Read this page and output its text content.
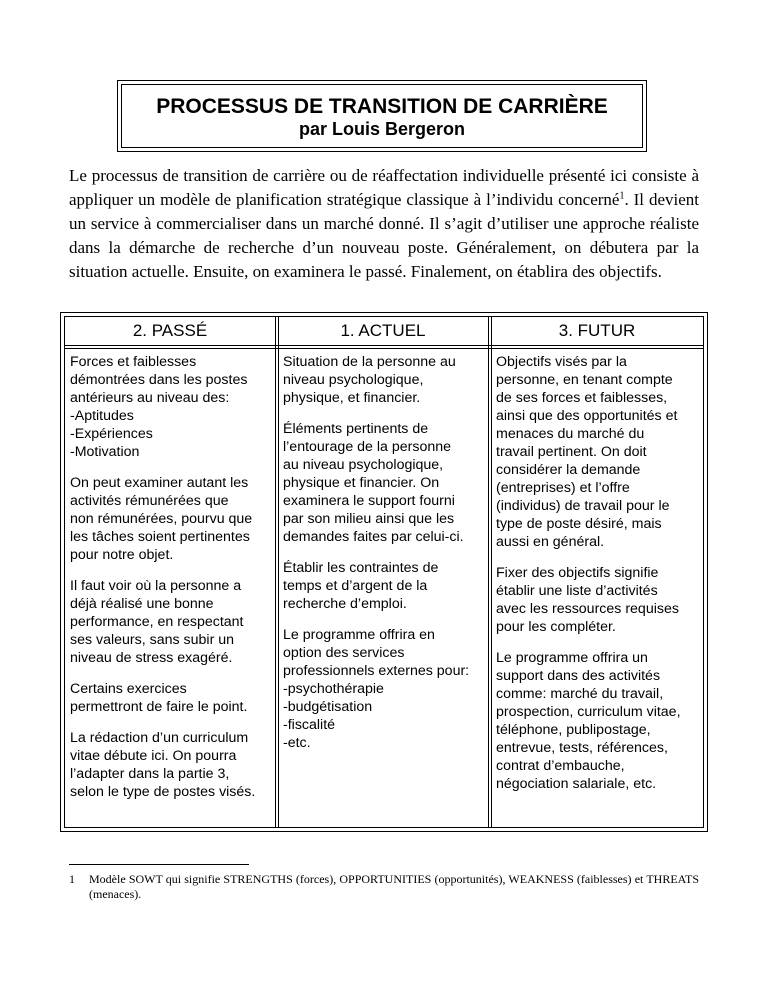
PROCESSUS DE TRANSITION DE CARRIÈRE
par Louis Bergeron

Le processus de transition de carrière ou de réaffectation individuelle présenté ici consiste à appliquer un modèle de planification stratégique classique à l’individu concerné$^1$. Il devient un service à commercialiser dans un marché donné. Il s’agit d’utiliser une approche réaliste dans la démarche de recherche d’un nouveau poste. Généralement, on débutera par la situation actuelle. Ensuite, on examinera le passé. Finalement, on établira des objectifs.

2. PASSÉ

Forces et faiblesses
démontrées dans les postes
antérieurs au niveau des:
-Aptitudes
-Expériences
-Motivation

On peut examiner autant les
activités rémunérées que
non rémunérées, pourvu que
les tâches soient pertinentes
pour notre objet.

Il faut voir où la personne a
déjà réalisé une bonne
performance, en respectant
ses valeurs, sans subir un
niveau de stress exagéré.

Certains exercices
permettront de faire le point.

La rédaction d’un curriculum
vitae débute ici. On pourra
l’adapter dans la partie 3,
selon le type de postes visés.

1. ACTUEL

Situation de la personne au
niveau psychologique,
physique, et financier.

Éléments pertinents de
l’entourage de la personne
au niveau psychologique,
physique et financier. On
examinera le support fourni
par son milieu ainsi que les
demandes faites par celui-ci.

Établir les contraintes de
temps et d’argent de la
recherche d’emploi.

Le programme offrira en
option des services
professionnels externes pour:
-psychothérapie
-budgétisation
-fiscalité
-etc.

3. FUTUR

Objectifs visés par la
personne, en tenant compte
de ses forces et faiblesses,
ainsi que des opportunités et
menaces du marché du
travail pertinent. On doit
considérer la demande
(entreprises) et l’offre
(individus) de travail pour le
type de poste désiré, mais
aussi en général.

Fixer des objectifs signifie
établir une liste d’activités
avec les ressources requises
pour les compléter.

Le programme offrira un
support dans des activités
comme: marché du travail,
prospection, curriculum vitae,
téléphone, publipostage,
entrevue, tests, références,
contrat d’embauche,
négociation salariale, etc.

1 Modèle SOWT qui signifie STRENGTHS (forces), OPPORTUNITIES (opportunités), WEAKNESS (faiblesses) et THREATS (menaces).
